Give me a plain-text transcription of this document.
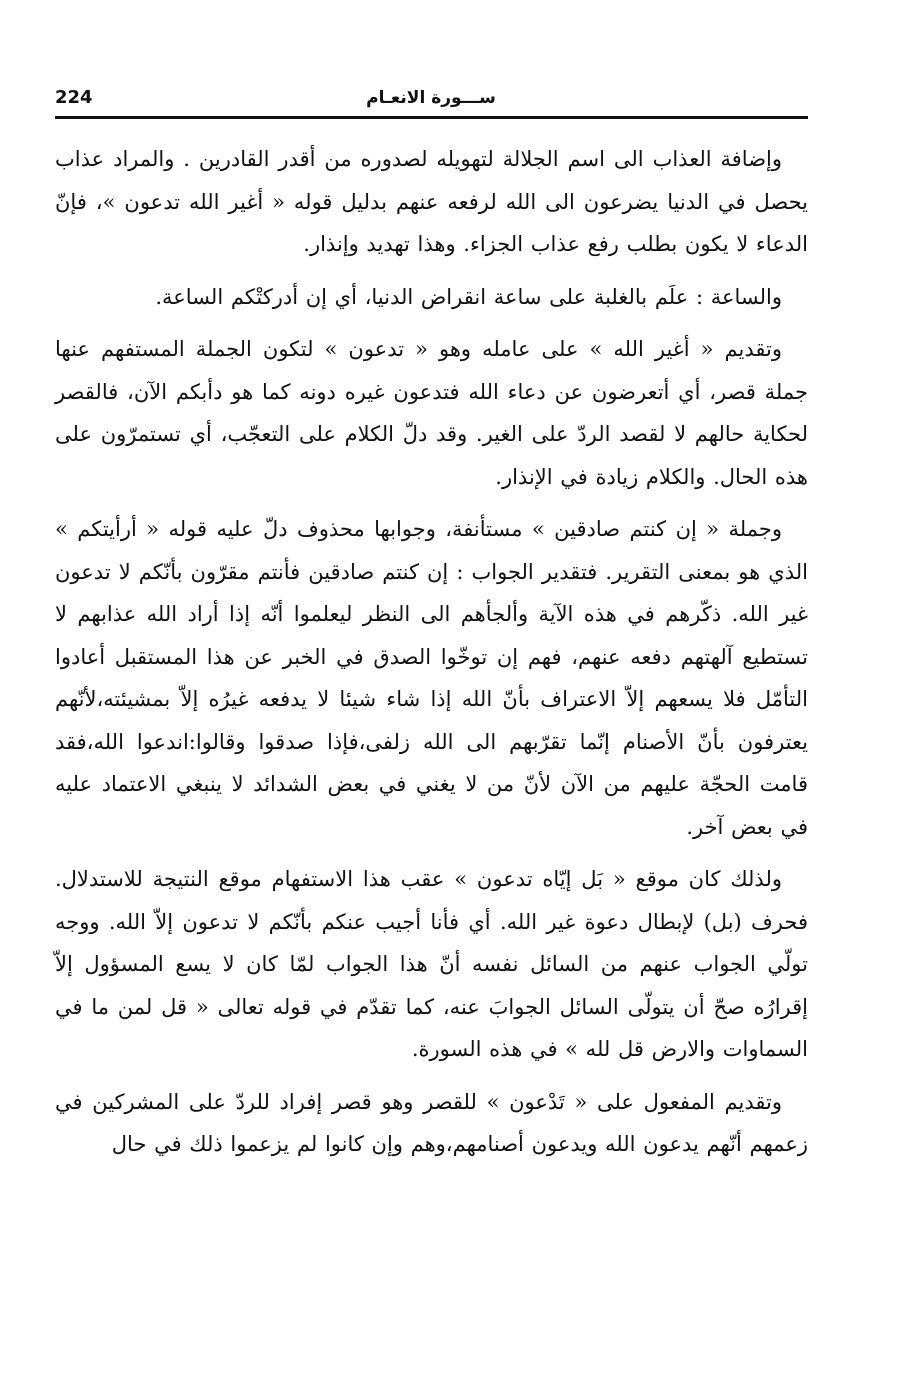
224	ســـورة الانعـام

وإضافة العذاب الى اسم الجلالة لتهويله لصدوره من أقدر القادرين . والمراد عذاب يحصل في الدنيا يضرعون الى الله لرفعه عنهم بدليل قوله « أغير الله تدعون »، فإنّ الدعاء لا يكون بطلب رفع عذاب الجزاء. وهذا تهديد وإنذار.

والساعة : علَم بالغلبة على ساعة انقراض الدنيا، أي إن أدركتْكم الساعة.

وتقديم « أغير الله » على عامله وهو « تدعون » لتكون الجملة المستفهم عنها جملة قصر، أي أتعرضون عن دعاء الله فتدعون غيره دونه كما هو دأبكم الآن، فالقصر لحكاية حالهم لا لقصد الردّ على الغير. وقد دلّ الكلام على التعجّب، أي تستمرّون على هذه الحال. والكلام زيادة في الإنذار.

وجملة « إن كنتم صادقين » مستأنفة، وجوابها محذوف دلّ عليه قوله « أرأيتكم » الذي هو بمعنى التقرير. فتقدير الجواب : إن كنتم صادقين فأنتم مقرّون بأنّكم لا تدعون غير الله. ذكّرهم في هذه الآية وألجأهم الى النظر ليعلموا أنّه إذا أراد الله عذابهم لا تستطيع آلهتهم دفعه عنهم، فهم إن توخّوا الصدق في الخبر عن هذا المستقبل أعادوا التأمّل فلا يسعهم إلاّ الاعتراف بأنّ الله إذا شاء شيئا لا يدفعه غيرُه إلاّ بمشيئته،لأنّهم يعترفون بأنّ الأصنام إنّما تقرّبهم الى الله زلفى،فإذا صدقوا وقالوا:اندعوا الله،فقد قامت الحجّة عليهم من الآن لأنّ من لا يغني في بعض الشدائد لا ينبغي الاعتماد عليه في بعض آخر.

ولذلك كان موقع « بَل إيّاه تدعون » عقب هذا الاستفهام موقع النتيجة للاستدلال. فحرف (بل) لإبطال دعوة غير الله. أي فأنا أجيب عنكم بأنّكم لا تدعون إلاّ الله. ووجه تولّي الجواب عنهم من السائل نفسه أنّ هذا الجواب لمّا كان لا يسع المسؤول إلاّ إقرارُه صحّ أن يتولّى السائل الجوابَ عنه، كما تقدّم في قوله تعالى « قل لمن ما في السماوات والارض قل لله » في هذه السورة.

وتقديم المفعول على « تَدْعون » للقصر وهو قصر إفراد للردّ على المشركين في زعمهم أنّهم يدعون الله ويدعون أصنامهم،وهم وإن كانوا لم يزعموا ذلك في حال
